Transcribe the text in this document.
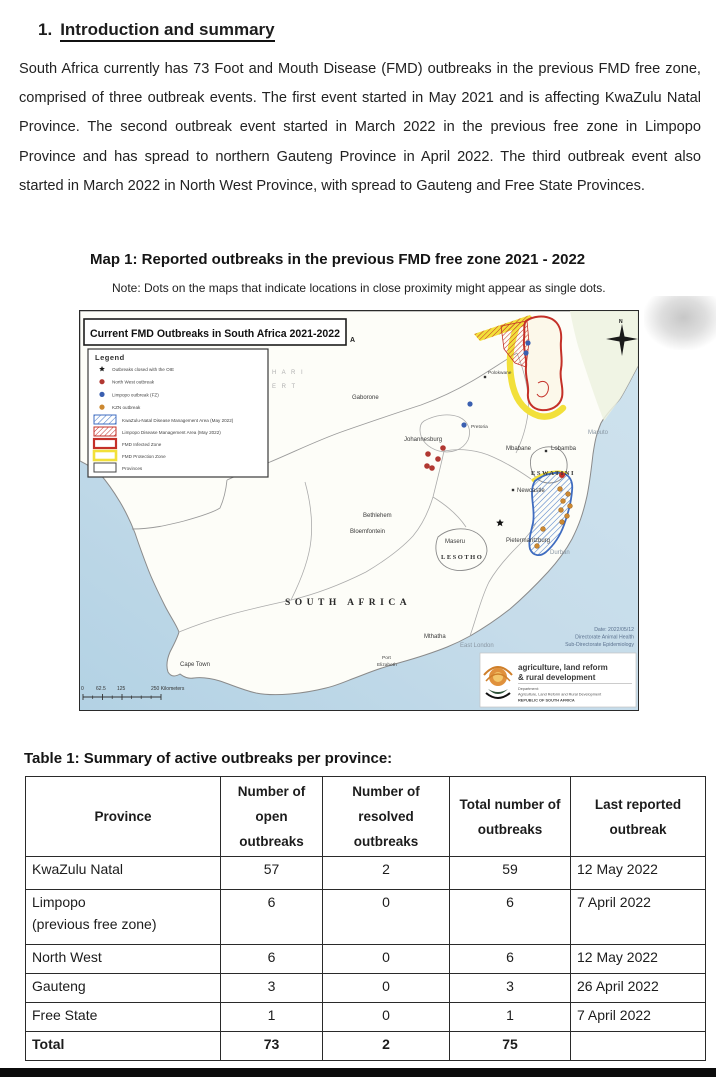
1. Introduction and summary
South Africa currently has 73 Foot and Mouth Disease (FMD) outbreaks in the previous FMD free zone, comprised of three outbreak events. The first event started in May 2021 and is affecting KwaZulu Natal Province. The second outbreak event started in March 2022 in the previous free zone in Limpopo Province and has spread to northern Gauteng Province in April 2022. The third outbreak event also started in March 2022 in North West Province, with spread to Gauteng and Free State Provinces.
Map 1: Reported outbreaks in the previous FMD free zone 2021 - 2022
Note: Dots on the maps that indicate locations in close proximity might appear as single dots.
A
H A R I
E R T
Gaborone
Polokwane
Pretoria
Johannesburg
Mbabane	Lobamba
ESWATINI
Newcastle
Maputo
Maseru
LESOTHO
Bethlehem
Bloemfontein
Pietermaritzburg
Durban
SOUTH AFRICA
Mthatha
East London
Port
Elizabeth
Cape Town
Current FMD Outbreaks in South Africa 2021-2022
Legend
Outbreaks closed with the OIE
North West outbreak
Limpopo outbreak (FZ)
KZN outbreak
KwaZulu-Natal Disease Management Area (May 2022)
Limpopo Disease Management Area (May 2022)
FMD Infected Zone
FMD Protection Zone
Provinces
N
0 62.5 125	250 Kilometers
Date: 2022/05/12
Directorate Animal Health
Sub-Directorate Epidemiology
agriculture, land reform
& rural development
Department:
Agriculture, Land Reform and Rural Development
REPUBLIC OF SOUTH AFRICA
Table 1: Summary of active outbreaks per province:
Province	Number of open outbreaks	Number of resolved outbreaks	Total number of outbreaks	Last reported outbreak
KwaZulu Natal	57	2	59	12 May 2022

Limpopo
(previous free zone)	6	0	6	7 April 2022
North West	6	0	6	12 May 2022
Gauteng	3	0	3	26 April 2022
Free State	1	0	1	7 April 2022
Total	73	2	75	
